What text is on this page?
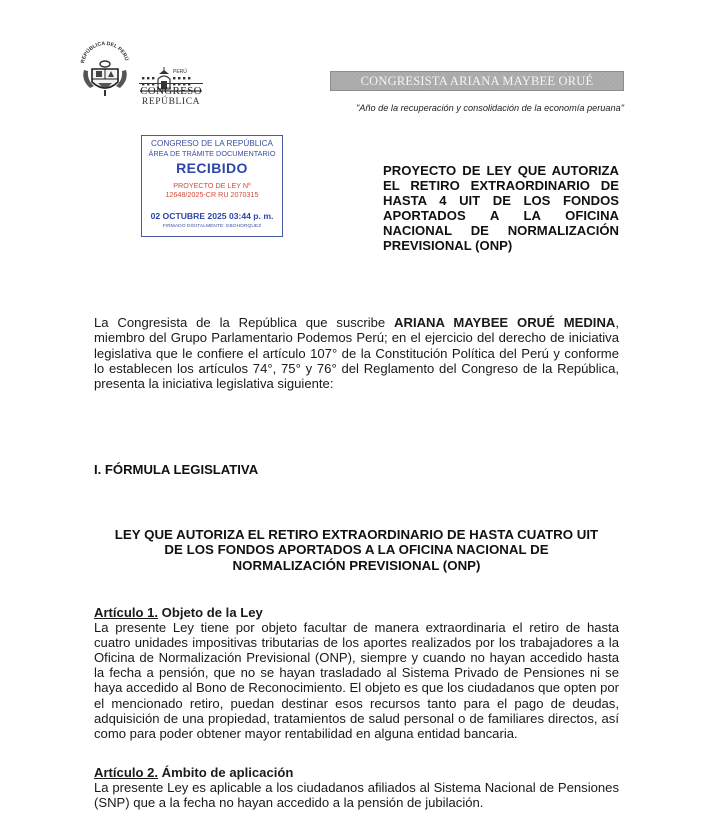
REPÚBLICA DEL PERÚ
PERÚ
CONGRESO
REPÚBLICA
CONGRESISTA ARIANA MAYBEE ORUÉ
"Año de la recuperación y consolidación de la economía peruana"
CONGRESO DE LA REPÚBLICA
ÁREA DE TRÁMITE DOCUMENTARIO
RECIBIDO
PROYECTO DE LEY Nº
12648/2025-CR RU 2070315
02 OCTUBRE 2025 03:44 p. m.
FIRMADO DIGITALMENTE: EBOHORQUEZ
PROYECTO DE LEY QUE AUTORIZA EL RETIRO EXTRAORDINARIO DE HASTA 4 UIT DE LOS FONDOS APORTADOS A LA OFICINA NACIONAL DE NORMALIZACIÓN PREVISIONAL (ONP)
La Congresista de la República que suscribe ARIANA MAYBEE ORUÉ MEDINA, miembro del Grupo Parlamentario Podemos Perú; en el ejercicio del derecho de iniciativa legislativa que le confiere el artículo 107° de la Constitución Política del Perú y conforme lo establecen los artículos 74°, 75° y 76° del Reglamento del Congreso de la República, presenta la iniciativa legislativa siguiente:
I. FÓRMULA LEGISLATIVA
LEY QUE AUTORIZA EL RETIRO EXTRAORDINARIO DE HASTA CUATRO UIT
DE LOS FONDOS APORTADOS A LA OFICINA NACIONAL DE
NORMALIZACIÓN PREVISIONAL (ONP)
Artículo 1. Objeto de la Ley
La presente Ley tiene por objeto facultar de manera extraordinaria el retiro de hasta cuatro unidades impositivas tributarias de los aportes realizados por los trabajadores a la Oficina de Normalización Previsional (ONP), siempre y cuando no hayan accedido hasta la fecha a pensión, que no se hayan trasladado al Sistema Privado de Pensiones ni se haya accedido al Bono de Reconocimiento. El objeto es que los ciudadanos que opten por el mencionado retiro, puedan destinar esos recursos tanto para el pago de deudas, adquisición de una propiedad, tratamientos de salud personal o de familiares directos, así como para poder obtener mayor rentabilidad en alguna entidad bancaria.
Artículo 2. Ámbito de aplicación
La presente Ley es aplicable a los ciudadanos afiliados al Sistema Nacional de Pensiones (SNP) que a la fecha no hayan accedido a la pensión de jubilación.
